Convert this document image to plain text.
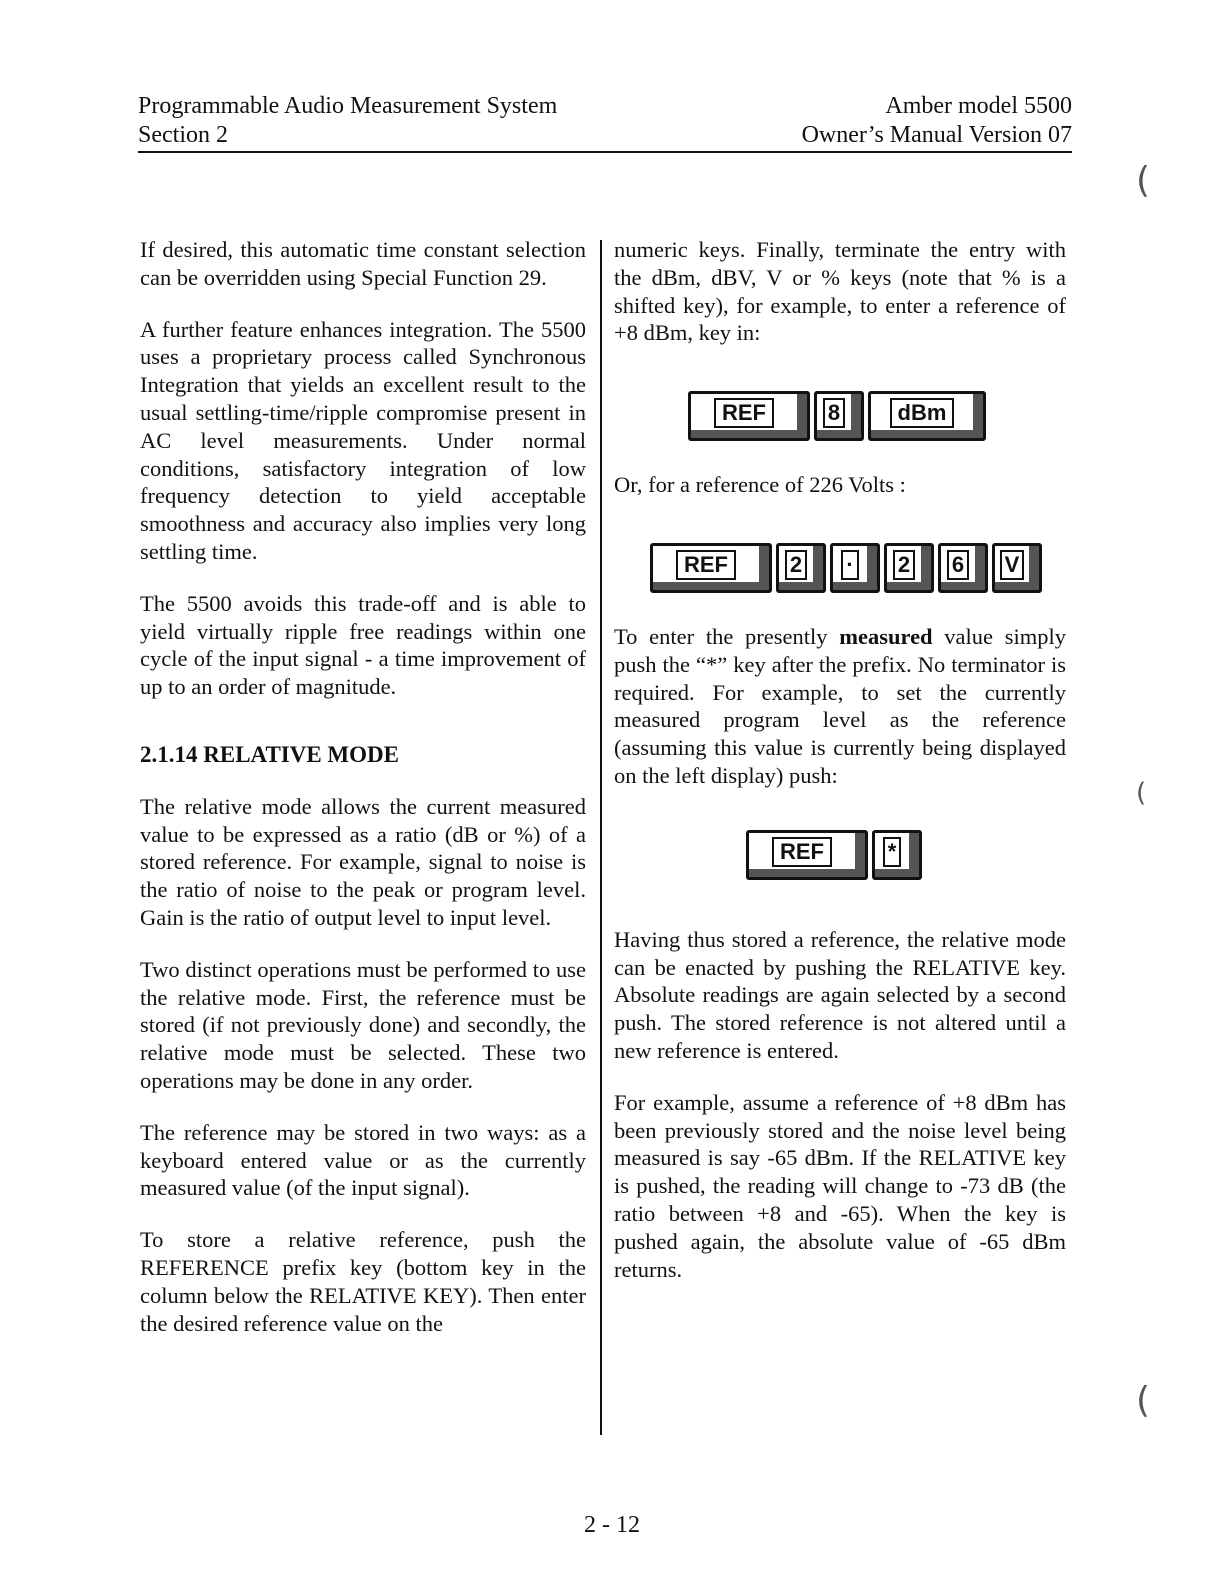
Programmable Audio Measurement System
Section 2
Amber model 5500
Owner’s Manual Version 07

If desired, this automatic time constant selection can be overridden using Special Function 29.

A further feature enhances integration. The 5500 uses a proprietary process called Synchronous Integration that yields an excellent result to the usual settling-time/ripple compromise present in AC level measurements. Under normal conditions, satisfactory integration of low frequency detection to yield acceptable smoothness and accuracy also implies very long settling time.

The 5500 avoids this trade-off and is able to yield virtually ripple free readings within one cycle of the input signal - a time improvement of up to an order of magnitude.

2.1.14 RELATIVE MODE

The relative mode allows the current measured value to be expressed as a ratio (dB or %) of a stored reference. For example, signal to noise is the ratio of noise to the peak or program level. Gain is the ratio of output level to input level.

Two distinct operations must be performed to use the relative mode. First, the reference must be stored (if not previously done) and secondly, the relative mode must be selected. These two operations may be done in any order.

The reference may be stored in two ways: as a keyboard entered value or as the currently measured value (of the input signal).

To store a relative reference, push the REFERENCE prefix key (bottom key in the column below the RELATIVE KEY). Then enter the desired reference value on the

numeric keys. Finally, terminate the entry with the dBm, dBV, V or % keys (note that % is a shifted key), for example, to enter a reference of +8 dBm, key in:

REF	8	dBm

Or, for a reference of 226 Volts :

REF	2 · 2 6 V

To enter the presently measured value simply push the “*” key after the prefix. No terminator is required. For example, to set the currently measured program level as the reference (assuming this value is currently being displayed on the left display) push:

REF	*

Having thus stored a reference, the relative mode can be enacted by pushing the RELATIVE key. Absolute readings are again selected by a second push. The stored reference is not altered until a new reference is entered.

For example, assume a reference of +8 dBm has been previously stored and the noise level being measured is say -65 dBm. If the RELATIVE key is pushed, the reading will change to -73 dB (the ratio between +8 and -65). When the key is pushed again, the absolute value of -65 dBm returns.

2 - 12
(
(
(
